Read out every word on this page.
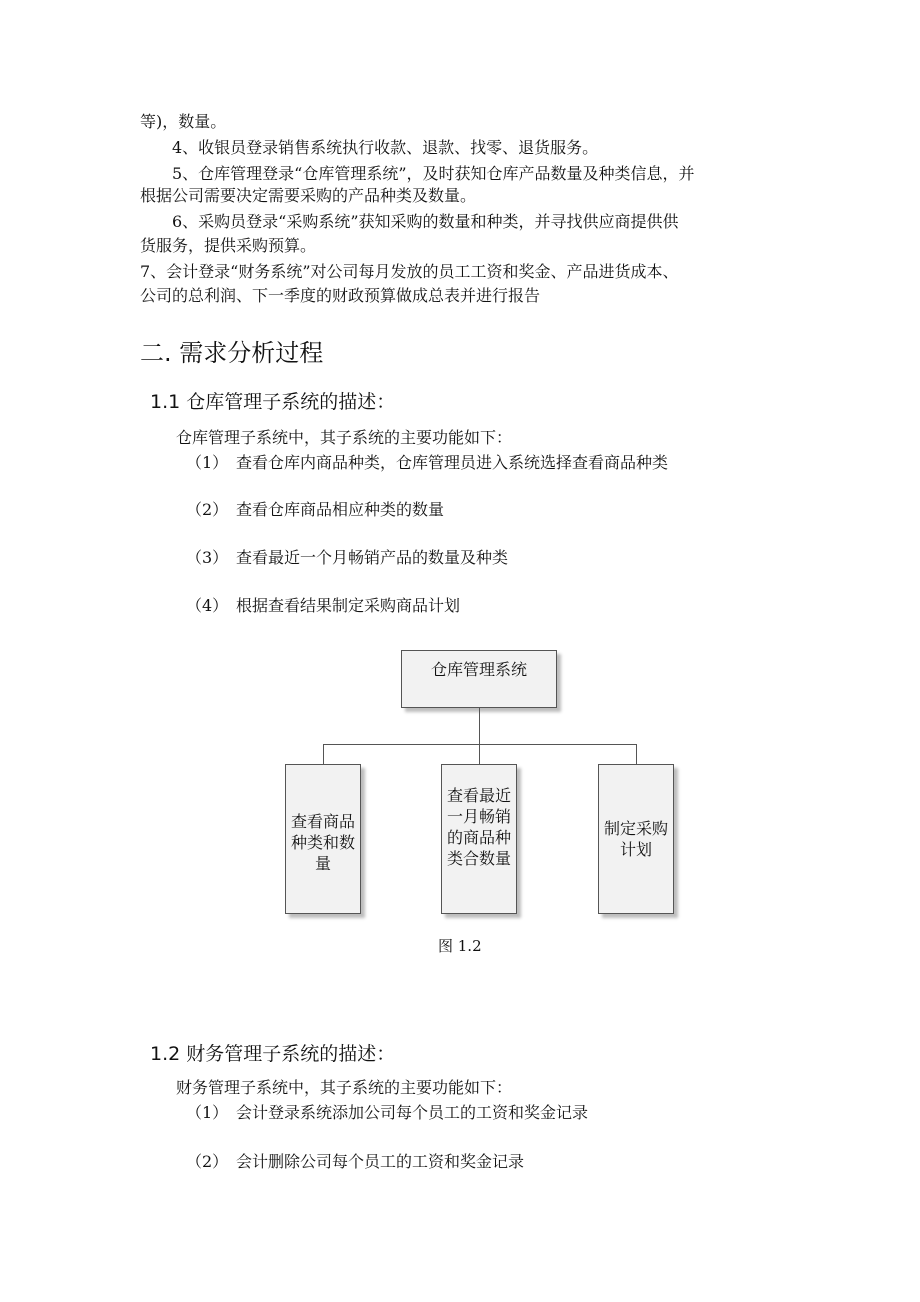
等)，数量。
4、收银员登录销售系统执行收款、退款、找零、退货服务。
5、仓库管理登录“仓库管理系统”，及时获知仓库产品数量及种类信息，并
根据公司需要决定需要采购的产品种类及数量。
6、采购员登录“采购系统”获知采购的数量和种类，并寻找供应商提供供
货服务，提供采购预算。
7、会计登录“财务系统”对公司每月发放的员工工资和奖金、产品进货成本、
公司的总利润、下一季度的财政预算做成总表并进行报告
二. 需求分析过程
1.1 仓库管理子系统的描述：
仓库管理子系统中，其子系统的主要功能如下：
（1） 查看仓库内商品种类，仓库管理员进入系统选择查看商品种类
（2） 查看仓库商品相应种类的数量
（3） 查看最近一个月畅销产品的数量及种类
（4） 根据查看结果制定采购商品计划
仓库管理系统
查看商品
种类和数
量
查看最近
一月畅销
的商品种
类合数量
制定采购
计划
图 1.2
1.2 财务管理子系统的描述：
财务管理子系统中，其子系统的主要功能如下：
（1） 会计登录系统添加公司每个员工的工资和奖金记录
（2） 会计删除公司每个员工的工资和奖金记录
